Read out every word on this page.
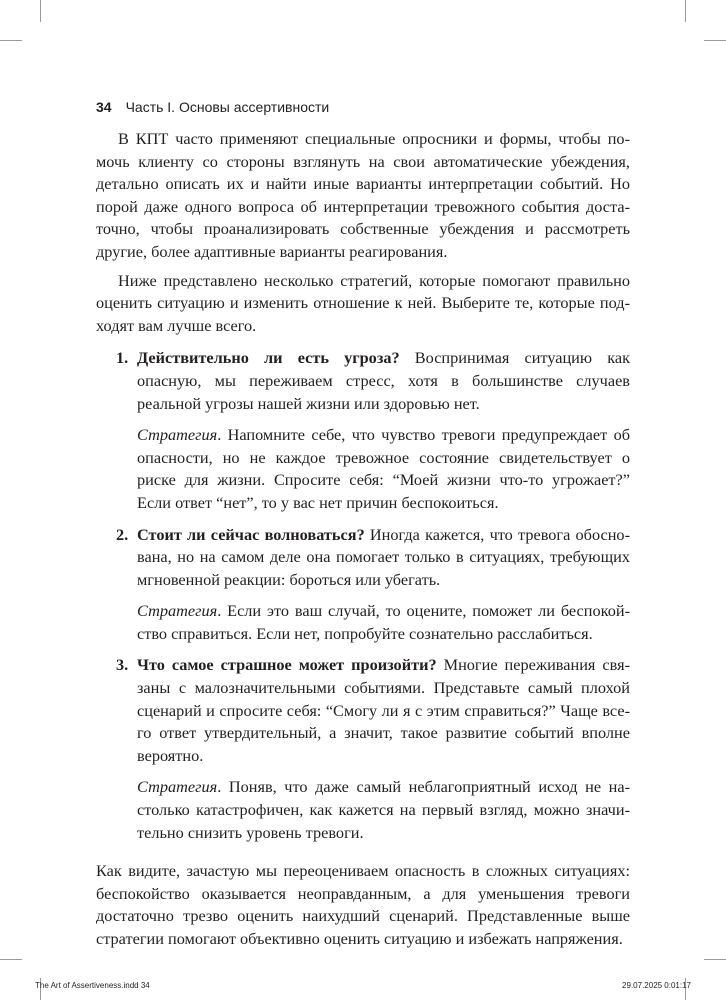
34 Часть I. Основы ассертивности

В КПТ часто применяют специальные опросники и формы, чтобы помочь клиенту со стороны взглянуть на свои автоматические убеждения, детально описать их и найти иные варианты интерпретации событий. Но порой даже одного вопроса об интерпретации тревожного события достаточно, чтобы проанализировать собственные убеждения и рассмотреть другие, более адаптивные варианты реагирования.

Ниже представлено несколько стратегий, которые помогают правильно оценить ситуацию и изменить отношение к ней. Выберите те, которые подходят вам лучше всего.

1. Действительно ли есть угроза? Воспринимая ситуацию как опасную, мы переживаем стресс, хотя в большинстве случаев реальной угрозы нашей жизни или здоровью нет.

Стратегия. Напомните себе, что чувство тревоги предупреждает об опасности, но не каждое тревожное состояние свидетельствует о риске для жизни. Спросите себя: “Моей жизни что-то угрожает?” Если ответ “нет”, то у вас нет причин беспокоиться.

2. Стоит ли сейчас волноваться? Иногда кажется, что тревога обоснована, но на самом деле она помогает только в ситуациях, требующих мгновенной реакции: бороться или убегать.

Стратегия. Если это ваш случай, то оцените, поможет ли беспокойство справиться. Если нет, попробуйте сознательно расслабиться.

3. Что самое страшное может произойти? Многие переживания связаны с малозначительными событиями. Представьте самый плохой сценарий и спросите себя: “Смогу ли я с этим справиться?” Чаще всего ответ утвердительный, а значит, такое развитие событий вполне вероятно.

Стратегия. Поняв, что даже самый неблагоприятный исход не настолько катастрофичен, как кажется на первый взгляд, можно значительно снизить уровень тревоги.

Как видите, зачастую мы переоцениваем опасность в сложных ситуациях: беспокойство оказывается неоправданным, а для уменьшения тревоги достаточно трезво оценить наихудший сценарий. Представленные выше стратегии помогают объективно оценить ситуацию и избежать напряжения.

The Art of Assertiveness.indd 34	29.07.2025 0:01:17
